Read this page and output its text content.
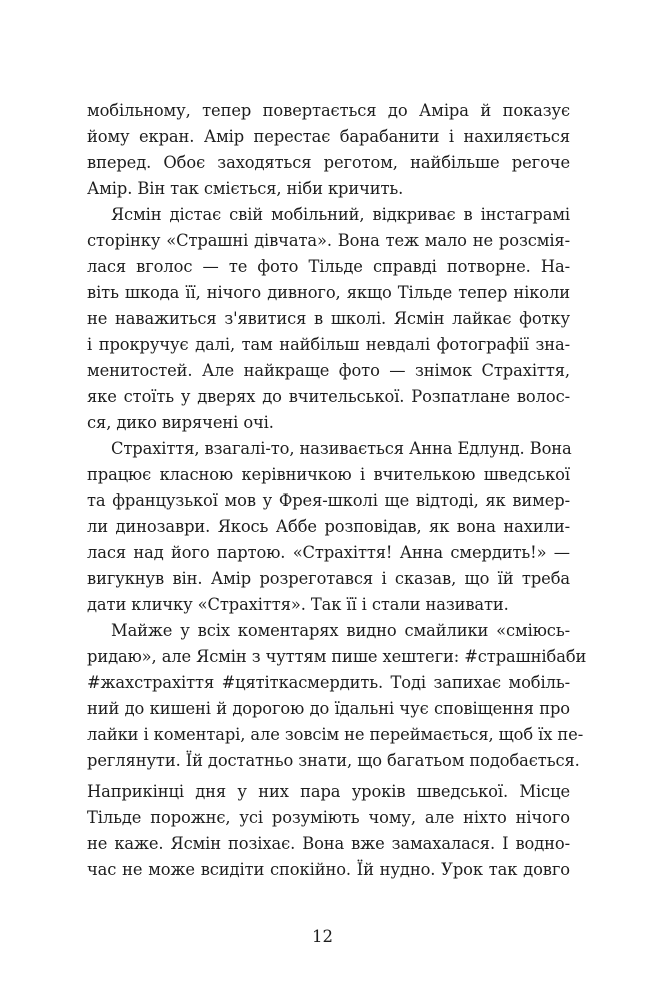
мобільному, тепер повертається до Аміра й показує
йому екран. Амір перестає барабанити і нахиляється
вперед. Обоє заходяться реготом, найбільше регоче
Амір. Він так сміється, ніби кричить.
Ясмін дістає свій мобільний, відкриває в інстаграмі
сторінку «Страшні дівчата». Вона теж мало не розсмія-
лася вголос — те фото Тільде справді потворне. На-
віть шкода її, нічого дивного, якщо Тільде тепер ніколи
не наважиться з'явитися в школі. Ясмін лайкає фотку
і прокручує далі, там найбільш невдалі фотографії зна-
менитостей. Але найкраще фото — знімок Страхіття,
яке стоїть у дверях до вчительської. Розпатлане волос-
ся, дико вирячені очі.
Страхіття, взагалі-то, називається Анна Едлунд. Вона
працює класною керівничкою і вчителькою шведської
та французької мов у Фрея-школі ще відтоді, як вимер-
ли динозаври. Якось Аббе розповідав, як вона нахили-
лася над його партою. «Страхіття! Анна смердить!» —
вигукнув він. Амір розреготався і сказав, що їй треба
дати кличку «Страхіття». Так її і стали називати.
Майже у всіх коментарях видно смайлики «сміюсь-
ридаю», але Ясмін з чуттям пише хештеги: #страшнібаби
#жахстрахіття #цятіткасмердить. Тоді запихає мобіль-
ний до кишені й дорогою до їдальні чує сповіщення про
лайки і коментарі, але зовсім не переймається, щоб їх пе-
реглянути. Їй достатньо знати, що багатьом подобається.
Наприкінці дня у них пара уроків шведської. Місце
Тільде порожнє, усі розуміють чому, але ніхто нічого
не каже. Ясмін позіхає. Вона вже замахалася. І водно-
час не може всидіти спокійно. Їй нудно. Урок так довго
12
